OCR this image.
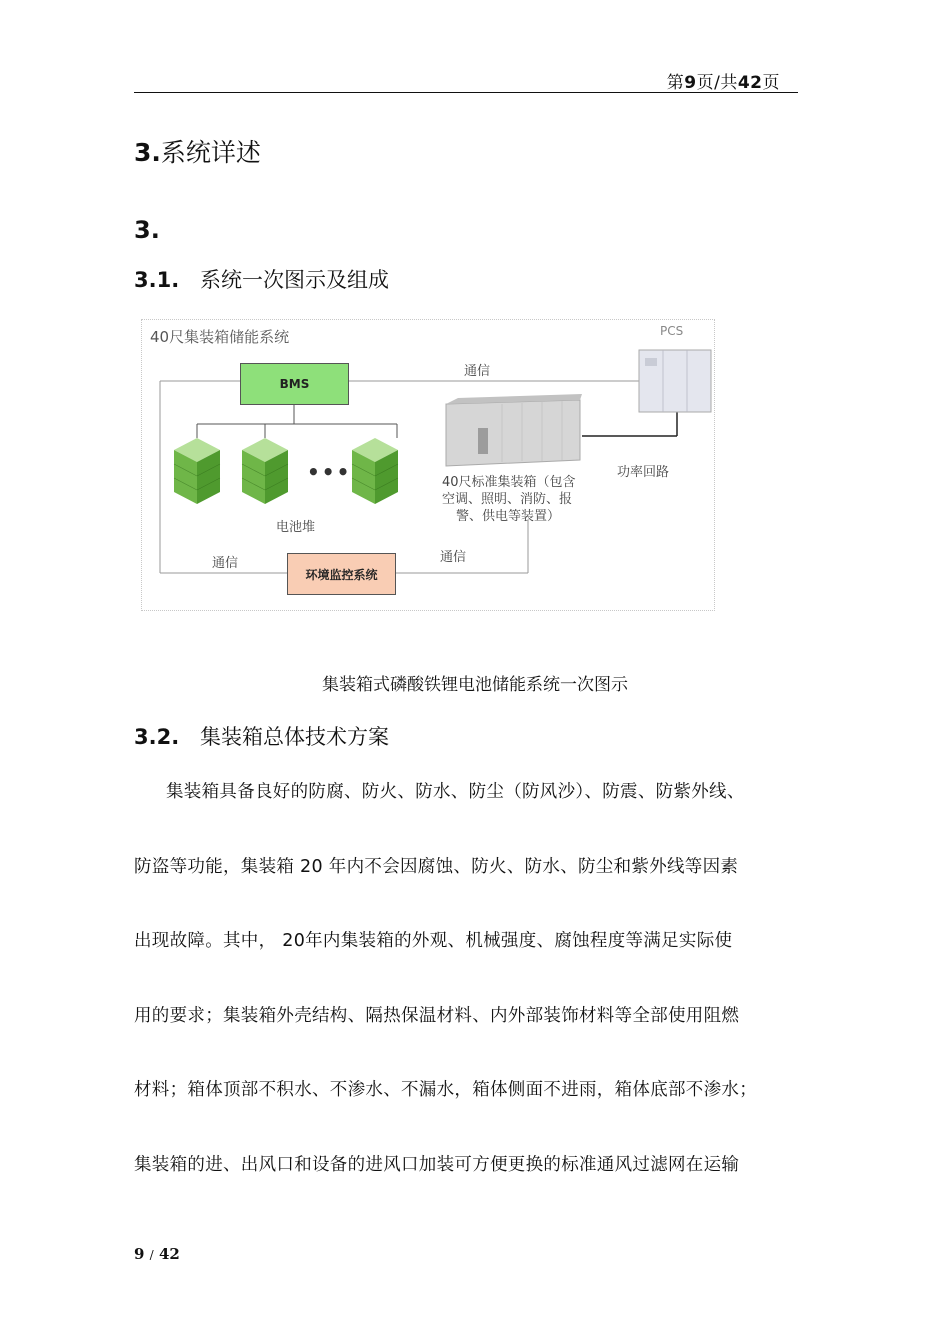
第9页/共42页
3.系统详述
3.
3.1. 系统一次图示及组成
40尺集装箱储能系统	PCS
BMS
通信
•••
电池堆
40尺标准集装箱（包含
空调、照明、消防、报
警、供电等装置）
功率回路
通信	通信
环境监控系统
集装箱式磷酸铁锂电池储能系统一次图示
3.2. 集装箱总体技术方案
集装箱具备良好的防腐、防火、防水、防尘（防风沙）、防震、防紫外线、
防盗等功能，集装箱 20 年内不会因腐蚀、防火、防水、防尘和紫外线等因素
出现故障。其中， 20年内集装箱的外观、机械强度、腐蚀程度等满足实际使
用的要求；集装箱外壳结构、隔热保温材料、内外部装饰材料等全部使用阻燃
材料；箱体顶部不积水、不渗水、不漏水，箱体侧面不进雨，箱体底部不渗水；
集装箱的进、出风口和设备的进风口加装可方便更换的标准通风过滤网在运输
9 / 42
